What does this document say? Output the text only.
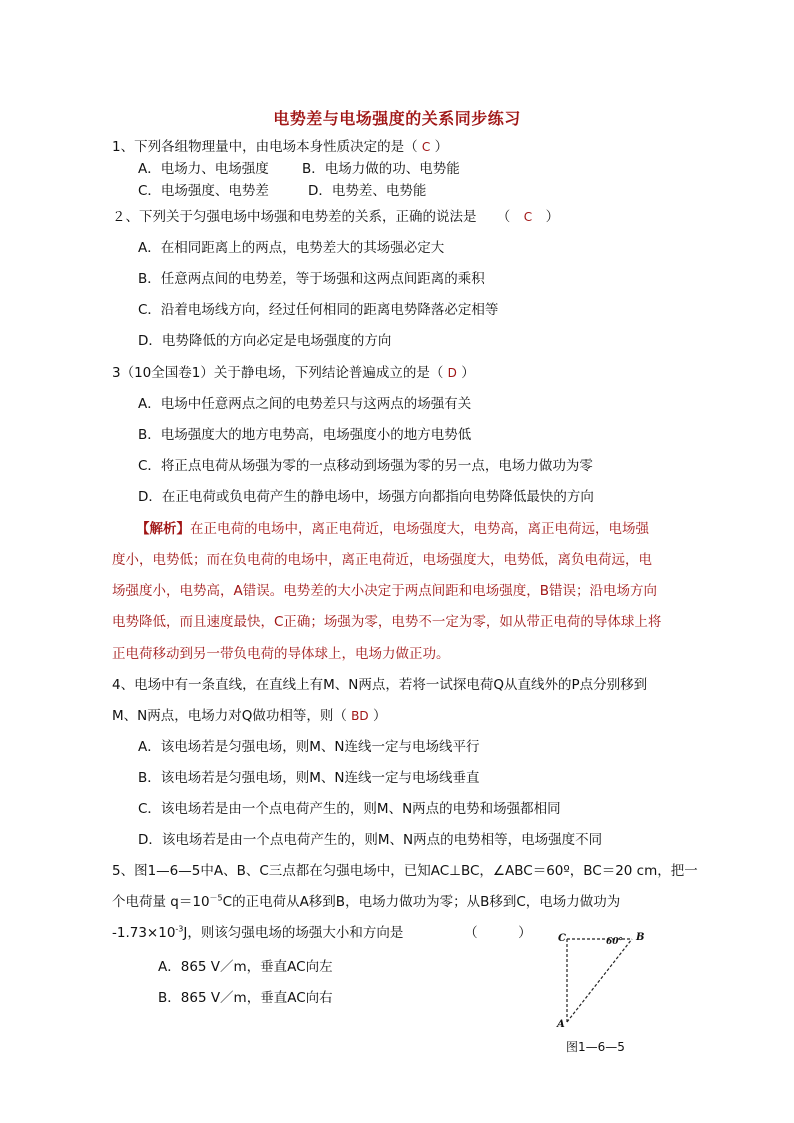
电势差与电场强度的关系同步练习
1、下列各组物理量中，由电场本身性质决定的是（ C ）
A．电场力、电场强度 B．电场力做的功、电势能
C．电场强度、电势差	D．电势差、电势能
２、下列关于匀强电场中场强和电势差的关系，正确的说法是　　（　C　）
A．在相同距离上的两点，电势差大的其场强必定大
B．任意两点间的电势差，等于场强和这两点间距离的乘积
C．沿着电场线方向，经过任何相同的距离电势降落必定相等
D．电势降低的方向必定是电场强度的方向
3（10全国卷1）关于静电场，下列结论普遍成立的是（ D ）
A．电场中任意两点之间的电势差只与这两点的场强有关
B．电场强度大的地方电势高，电场强度小的地方电势低
C．将正点电荷从场强为零的一点移动到场强为零的另一点，电场力做功为零
D．在正电荷或负电荷产生的静电场中，场强方向都指向电势降低最快的方向
【解析】在正电荷的电场中，离正电荷近，电场强度大，电势高，离正电荷远，电场强
度小，电势低；而在负电荷的电场中，离正电荷近，电场强度大，电势低，离负电荷远，电
场强度小，电势高，A错误。电势差的大小决定于两点间距和电场强度，B错误；沿电场方向
电势降低，而且速度最快，C正确；场强为零，电势不一定为零，如从带正电荷的导体球上将
正电荷移动到另一带负电荷的导体球上，电场力做正功。
4、电场中有一条直线，在直线上有M、N两点，若将一试探电荷Q从直线外的P点分别移到
M、N两点，电场力对Q做功相等，则（ BD ）
A．该电场若是匀强电场，则M、N连线一定与电场线平行
B．该电场若是匀强电场，则M、N连线一定与电场线垂直
C．该电场若是由一个点电荷产生的，则M、N两点的电势和场强都相同
D．该电场若是由一个点电荷产生的，则M、N两点的电势相等，电场强度不同
5、图1—6—5中A、B、C三点都在匀强电场中，已知AC⊥BC，∠ABC＝60º，BC＝20 cm，把一
个电荷量 $q=10^{-5}C$的正电荷从A移到B，电场力做功为零；从B移到C，电场力做功为
$-1.73\times 10^{-3}J$，则该匀强电场的场强大小和方向是　　　　　（　　　）
A．865 V／m，垂直AC向左
B．865 V／m，垂直AC向右
C	B
A
60°
图1—6—5
